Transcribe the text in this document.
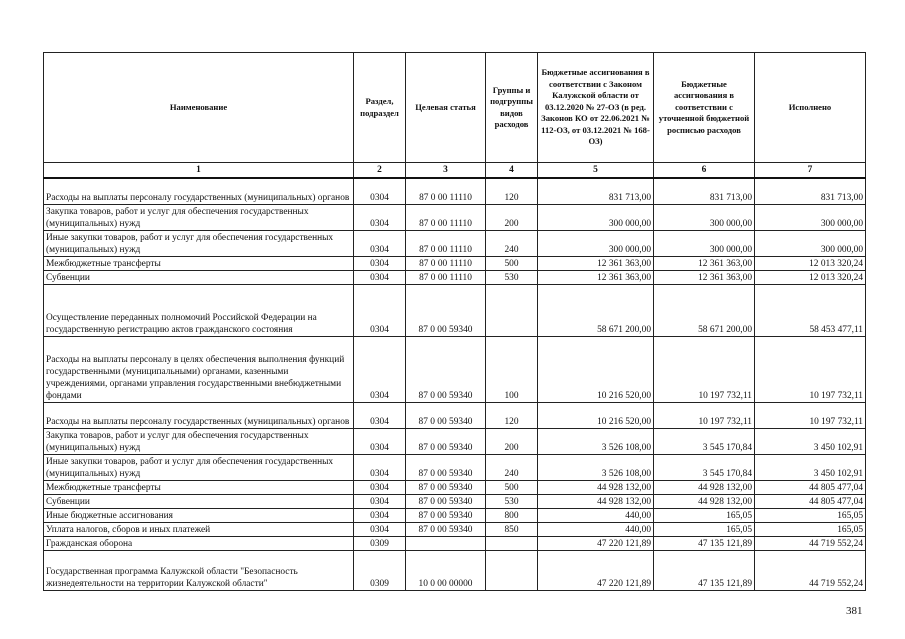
Наименование	Раздел, подраздел	Целевая статья	Группы и подгруппы видов расходов	Бюджетные ассигнования в соответствии с Законом Калужской области от 03.12.2020 № 27-ОЗ (в ред. Законов КО от 22.06.2021 № 112-ОЗ, от 03.12.2021 № 168-ОЗ)	Бюджетные ассигнования в соответствии с уточненной бюджетной росписью расходов	Исполнено
1	2	3	4	5	6	7
Расходы на выплаты персоналу государственных (муниципальных) органов	0304	87 0 00 11110	120	831 713,00	831 713,00	831 713,00
Закупка товаров, работ и услуг для обеспечения государственных (муниципальных) нужд	0304	87 0 00 11110	200	300 000,00	300 000,00	300 000,00
Иные закупки товаров, работ и услуг для обеспечения государственных (муниципальных) нужд	0304	87 0 00 11110	240	300 000,00	300 000,00	300 000,00
Межбюджетные трансферты	0304	87 0 00 11110	500	12 361 363,00	12 361 363,00	12 013 320,24
Субвенции	0304	87 0 00 11110	530	12 361 363,00	12 361 363,00	12 013 320,24
Осуществление переданных полномочий Российской Федерации на государственную регистрацию актов гражданского состояния	0304	87 0 00 59340		58 671 200,00	58 671 200,00	58 453 477,11
Расходы на выплаты персоналу в целях обеспечения выполнения функций государственными (муниципальными) органами, казенными учреждениями, органами управления государственными внебюджетными фондами	0304	87 0 00 59340	100	10 216 520,00	10 197 732,11	10 197 732,11
Расходы на выплаты персоналу государственных (муниципальных) органов	0304	87 0 00 59340	120	10 216 520,00	10 197 732,11	10 197 732,11
Закупка товаров, работ и услуг для обеспечения государственных (муниципальных) нужд	0304	87 0 00 59340	200	3 526 108,00	3 545 170,84	3 450 102,91
Иные закупки товаров, работ и услуг для обеспечения государственных (муниципальных) нужд	0304	87 0 00 59340	240	3 526 108,00	3 545 170,84	3 450 102,91
Межбюджетные трансферты	0304	87 0 00 59340	500	44 928 132,00	44 928 132,00	44 805 477,04
Субвенции	0304	87 0 00 59340	530	44 928 132,00	44 928 132,00	44 805 477,04
Иные бюджетные ассигнования	0304	87 0 00 59340	800	440,00	165,05	165,05
Уплата налогов, сборов и иных платежей	0304	87 0 00 59340	850	440,00	165,05	165,05
Гражданская оборона	0309			47 220 121,89	47 135 121,89	44 719 552,24
Государственная программа Калужской области "Безопасность жизнедеятельности на территории Калужской области"	0309	10 0 00 00000		47 220 121,89	47 135 121,89	44 719 552,24
381
